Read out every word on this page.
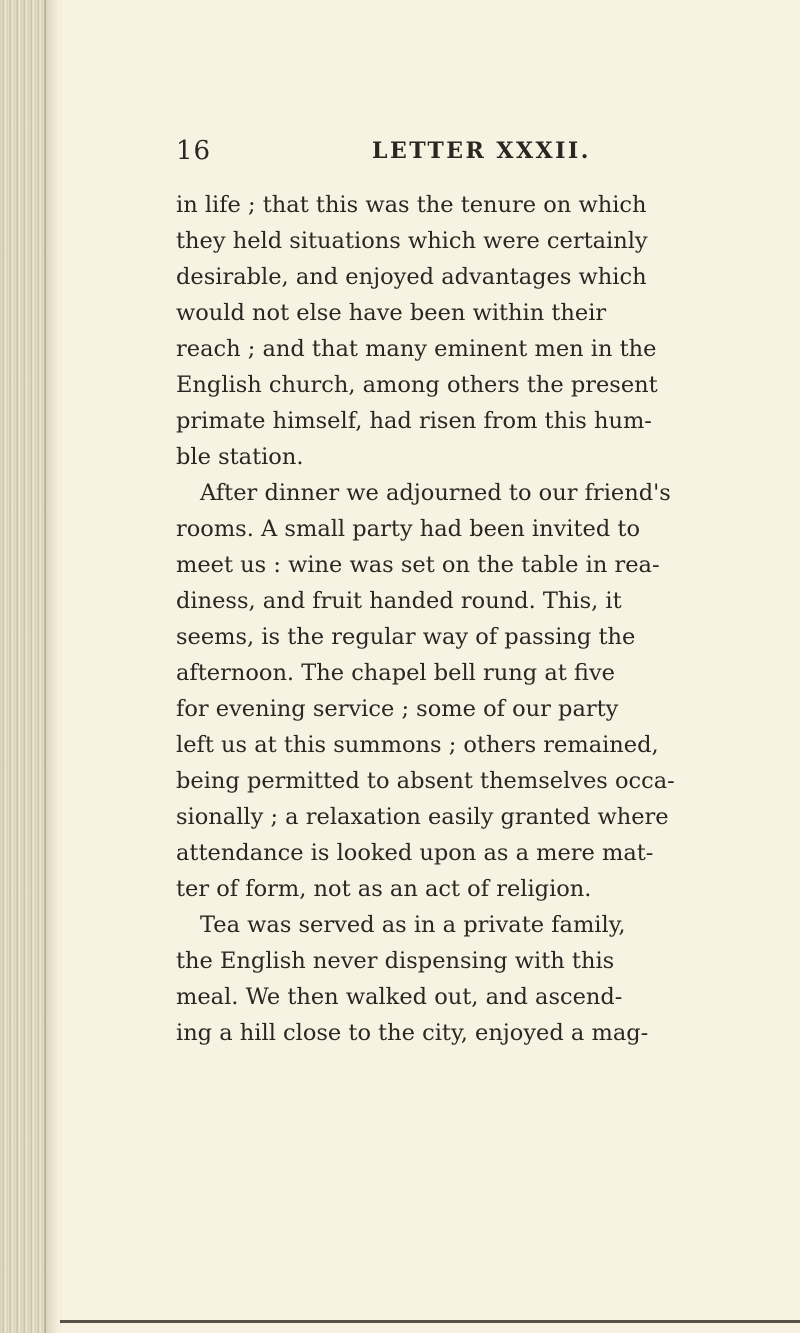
16	LETTER XXXII.
in life ; that this was the tenure on which
they held situations which were certainly
desirable, and enjoyed advantages which
would not else have been within their
reach ; and that many eminent men in the
English church, among others the present
primate himself, had risen from this hum-
ble station.
After dinner we adjourned to our friend's
rooms. A small party had been invited to
meet us : wine was set on the table in rea-
diness, and fruit handed round. This, it
seems, is the regular way of passing the
afternoon. The chapel bell rung at five
for evening service ; some of our party
left us at this summons ; others remained,
being permitted to absent themselves occa-
sionally ; a relaxation easily granted where
attendance is looked upon as a mere mat-
ter of form, not as an act of religion.
Tea was served as in a private family,
the English never dispensing with this
meal. We then walked out, and ascend-
ing a hill close to the city, enjoyed a mag-
